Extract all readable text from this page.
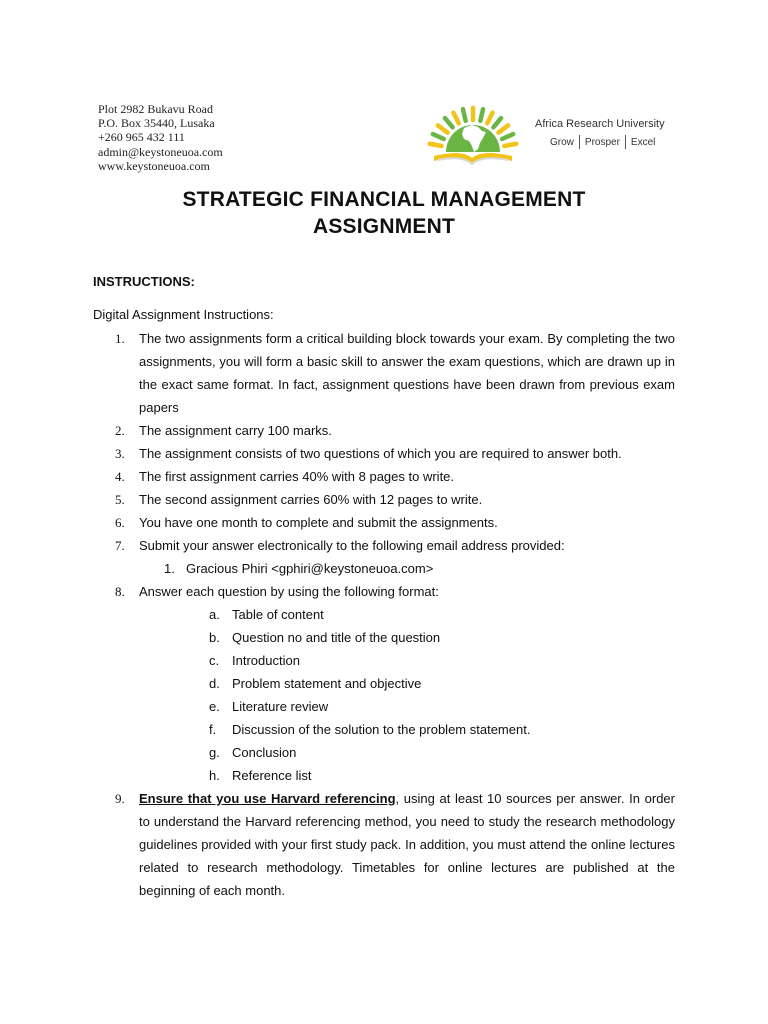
Plot 2982 Bukavu Road
P.O. Box 35440, Lusaka
+260 965 432 111
admin@keystoneuoa.com
www.keystoneuoa.com
Africa Research University
Grow Prosper Excel
STRATEGIC FINANCIAL MANAGEMENT
ASSIGNMENT
INSTRUCTIONS:
Digital Assignment Instructions:
1. The two assignments form a critical building block towards your exam. By completing the two assignments, you will form a basic skill to answer the exam questions, which are drawn up in the exact same format. In fact, assignment questions have been drawn from previous exam papers
2. The assignment carry 100 marks.
3. The assignment consists of two questions of which you are required to answer both.
4. The first assignment carries 40% with 8 pages to write.
5. The second assignment carries 60% with 12 pages to write.
6. You have one month to complete and submit the assignments.
7. Submit your answer electronically to the following email address provided:
1. Gracious Phiri <gphiri@keystoneuoa.com>
8. Answer each question by using the following format:
a. Table of content
b. Question no and title of the question
c. Introduction
d. Problem statement and objective
e. Literature review
f. Discussion of the solution to the problem statement.
g. Conclusion
h. Reference list
9. Ensure that you use Harvard referencing, using at least 10 sources per answer. In order to understand the Harvard referencing method, you need to study the research methodology guidelines provided with your first study pack. In addition, you must attend the online lectures related to research methodology. Timetables for online lectures are published at the beginning of each month.
